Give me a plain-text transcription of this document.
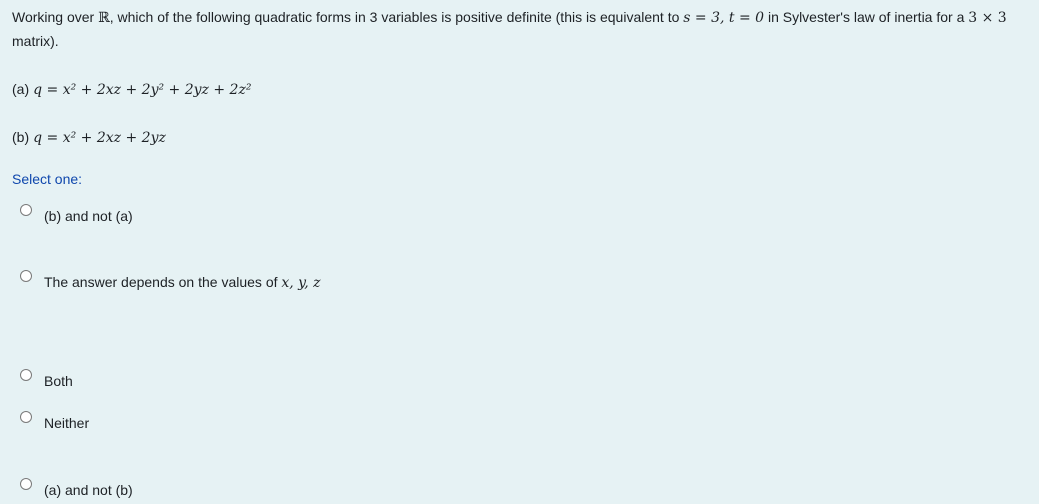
Working over ℝ, which of the following quadratic forms in 3 variables is positive definite (this is equivalent to s = 3, t = 0 in Sylvester's law of inertia for a 3 × 3

matrix).

(a) q = x² + 2xz + 2y² + 2yz + 2z²
(b) q = x² + 2xz + 2yz
Select one:
(b) and not (a)
The answer depends on the values of x, y, z
Both
Neither
(a) and not (b)
